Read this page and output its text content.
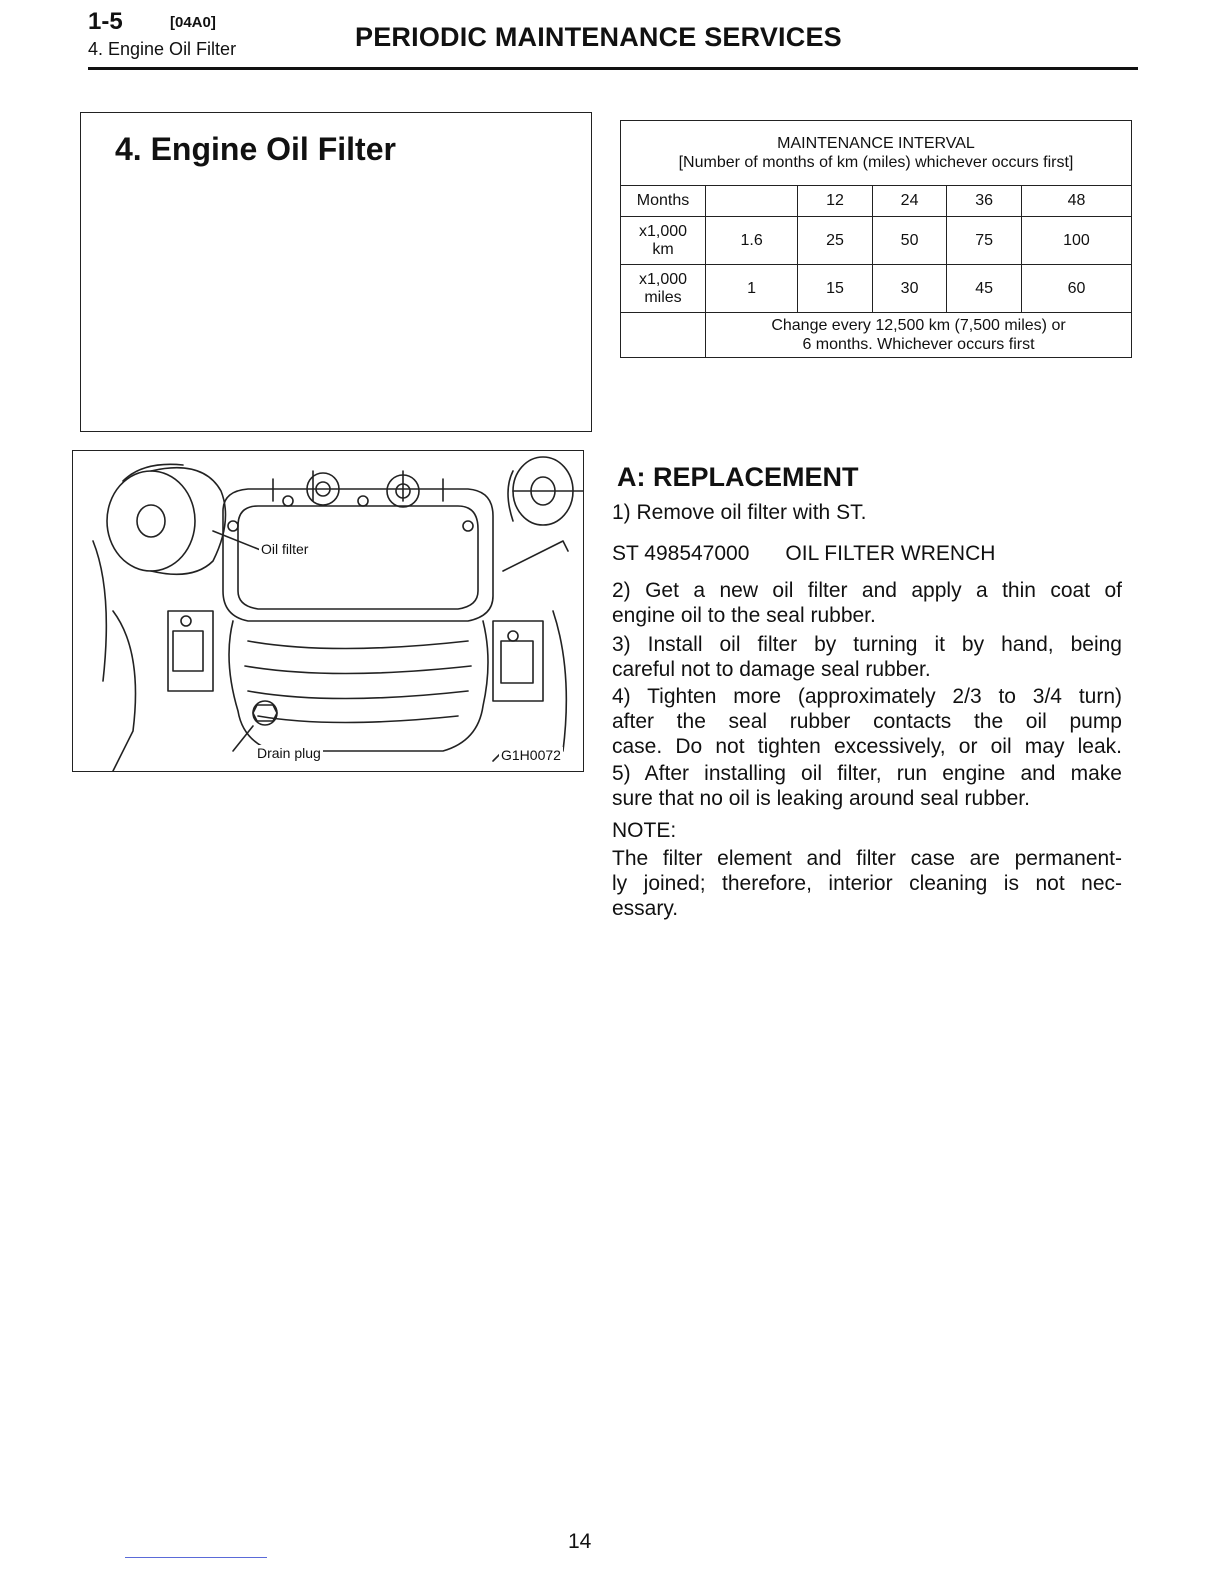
1-5	[04A0]
4. Engine Oil Filter	PERIODIC MAINTENANCE SERVICES
4. Engine Oil Filter	MAINTENANCE INTERVAL
[Number of months of km (miles) whichever occurs first]					

Months		12	24	36	48

x1,000
km	1.6	25	50	75	100

x1,000
miles	1	15	30	45	60

	Change every 12,500 km (7,500 miles) or
6 months. Whichever occurs first				
Oil filter
Drain plug	G1H0072
A: REPLACEMENT
1) Remove oil filter with ST.
ST 498547000 OIL FILTER WRENCH
2) Get a new oil filter and apply a thin coat of
engine oil to the seal rubber.
3) Install oil filter by turning it by hand, being
careful not to damage seal rubber.
4) Tighten more (approximately 2/3 to 3/4 turn)
after the seal rubber contacts the oil pump
case. Do not tighten excessively, or oil may leak.
5) After installing oil filter, run engine and make
sure that no oil is leaking around seal rubber.
NOTE:
The filter element and filter case are permanent-
ly joined; therefore, interior cleaning is not nec-
essary.
14
